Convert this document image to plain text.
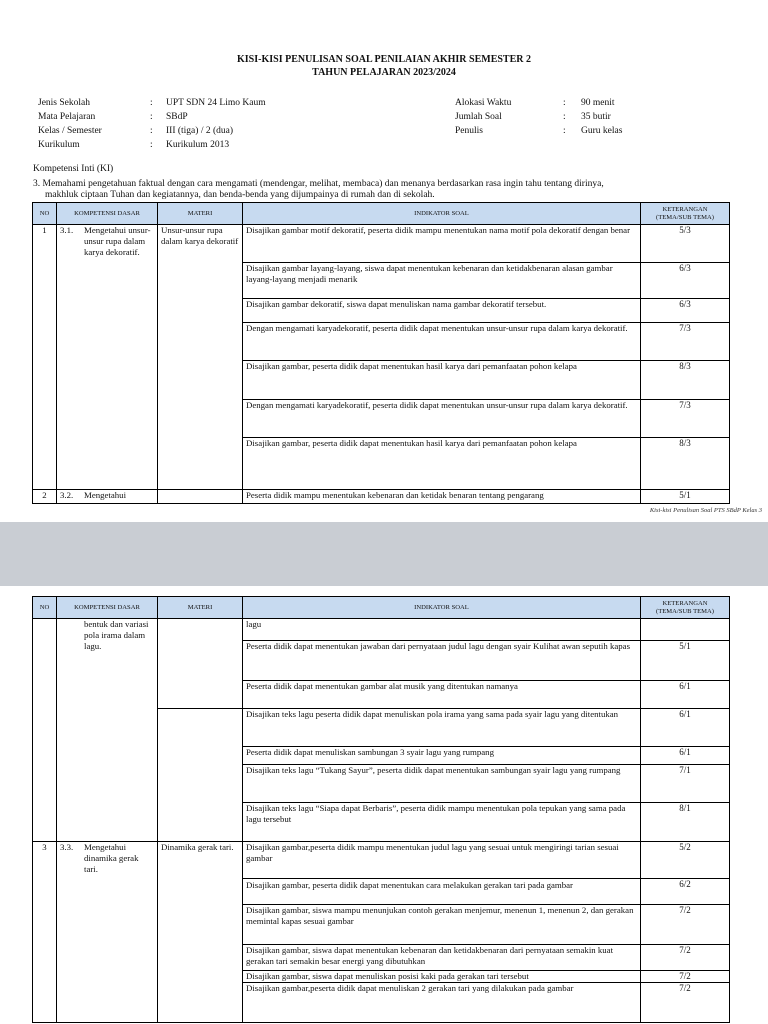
KISI-KISI PENULISAN SOAL PENILAIAN AKHIR SEMESTER 2
TAHUN PELAJARAN 2023/2024
Jenis Sekolah	:	UPT SDN 24 Limo Kaum
Mata Pelajaran	:	SBdP
Kelas / Semester	:	III (tiga) / 2 (dua)
Kurikulum	:	Kurikulum 2013
Alokasi Waktu	:	90 menit
Jumlah Soal	:	35 butir
Penulis	:	Guru kelas
Kompetensi Inti (KI)
3. Memahami pengetahuan faktual dengan cara mengamati (mendengar, melihat, membaca) dan menanya berdasarkan rasa ingin tahu tentang dirinya,
makhluk ciptaan Tuhan dan kegiatannya, dan benda-benda yang dijumpainya di rumah dan di sekolah.
NO	KOMPETENSI DASAR	MATERI	INDIKATOR SOAL	KETERANGAN
(TEMA/SUB TEMA)
1	3.1. Mengetahui unsur-unsur rupa dalam karya dekoratif.	Unsur-unsur rupa dalam karya dekoratif	Disajikan gambar motif dekoratif, peserta didik mampu menentukan nama motif pola dekoratif dengan benar	5/3
			Disajikan gambar layang-layang, siswa dapat menentukan kebenaran dan ketidakbenaran alasan gambar layang-layang menjadi menarik	6/3
			Disajikan gambar dekoratif, siswa dapat menuliskan nama gambar dekoratif tersebut.	6/3
			Dengan mengamati karyadekoratif, peserta didik dapat menentukan unsur-unsur rupa dalam karya dekoratif.	7/3
			Disajikan gambar, peserta didik dapat menentukan hasil karya dari pemanfaatan pohon kelapa	8/3
			Dengan mengamati karyadekoratif, peserta didik dapat menentukan unsur-unsur rupa dalam karya dekoratif.	7/3
			Disajikan gambar, peserta didik dapat menentukan hasil karya dari pemanfaatan pohon kelapa	8/3
2	3.2. Mengetahui		Peserta didik mampu menentukan kebenaran dan ketidak benaran tentang pengarang	5/1
Kisi-kisi Penulisan Soal PTS SBdP Kelas 3
NO	KOMPETENSI DASAR	MATERI	INDIKATOR SOAL	KETERANGAN
(TEMA/SUB TEMA)

	bentuk dan variasi pola irama dalam lagu.		lagu	
			Peserta didik dapat menentukan jawaban dari pernyataan judul lagu dengan syair Kulihat awan seputih kapas	5/1
			Peserta didik dapat menentukan gambar alat musik yang ditentukan namanya	6/1
			Disajikan teks lagu peserta didik dapat menuliskan pola irama yang sama pada syair lagu yang ditentukan	6/1
			Peserta didik dapat menuliskan sambungan 3 syair lagu yang rumpang	6/1
			Disajikan teks lagu “Tukang Sayur”, peserta didik dapat menentukan sambungan syair lagu yang rumpang	7/1
			Disajikan teks lagu “Siapa dapat Berbaris”, peserta didik mampu menentukan pola tepukan yang sama pada lagu tersebut	8/1
3	3.3. Mengetahui dinamika gerak tari.	Dinamika gerak tari.	Disajikan gambar,peserta didik mampu menentukan judul lagu yang sesuai untuk mengiringi tarian sesuai gambar	5/2
			Disajikan gambar, peserta didik dapat menentukan cara melakukan gerakan tari pada gambar	6/2
			Disajikan gambar, siswa mampu menunjukan contoh gerakan menjemur, menenun 1, menenun 2, dan gerakan memintal kapas sesuai gambar	7/2
			Disajikan gambar, siswa dapat menentukan kebenaran dan ketidakbenaran dari pernyataan semakin kuat gerakan tari semakin besar energi yang dibutuhkan	7/2
			Disajikan gambar, siswa dapat menuliskan posisi kaki pada gerakan tari tersebut	7/2
			Disajikan gambar,peserta didik dapat menuliskan 2 gerakan tari yang dilakukan pada gambar	7/2
